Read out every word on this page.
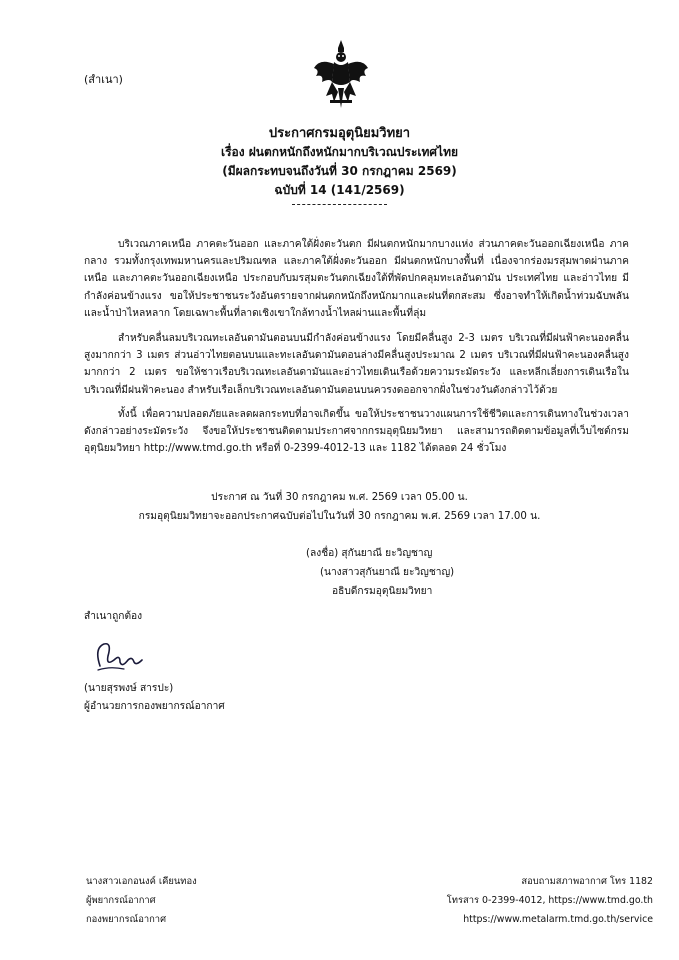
(สำเนา)
ประกาศกรมอุตุนิยมวิทยา
เรื่อง ฝนตกหนักถึงหนักมากบริเวณประเทศไทย
(มีผลกระทบจนถึงวันที่ 30 กรกฎาคม 2569)
ฉบับที่ 14 (141/2569)
บริเวณภาคเหนือ ภาคตะวันออก และภาคใต้ฝั่งตะวันตก มีฝนตกหนักมากบางแห่ง ส่วนภาคตะวันออกเฉียงเหนือ ภาคกลาง รวมทั้งกรุงเทพมหานครและปริมณฑล และภาคใต้ฝั่งตะวันออก มีฝนตกหนักบางพื้นที่ เนื่องจากร่องมรสุมพาดผ่านภาคเหนือ และภาคตะวันออกเฉียงเหนือ ประกอบกับมรสุมตะวันตกเฉียงใต้ที่พัดปกคลุมทะเลอันดามัน ประเทศไทย และอ่าวไทย มีกำลังค่อนข้างแรง ขอให้ประชาชนระวังอันตรายจากฝนตกหนักถึงหนักมากและฝนที่ตกสะสม ซึ่งอาจทำให้เกิดน้ำท่วมฉับพลัน และน้ำป่าไหลหลาก โดยเฉพาะพื้นที่ลาดเชิงเขาใกล้ทางน้ำไหลผ่านและพื้นที่ลุ่ม
สำหรับคลื่นลมบริเวณทะเลอันดามันตอนบนมีกำลังค่อนข้างแรง โดยมีคลื่นสูง 2-3 เมตร บริเวณที่มีฝนฟ้าคะนองคลื่นสูงมากกว่า 3 เมตร ส่วนอ่าวไทยตอนบนและทะเลอันดามันตอนล่างมีคลื่นสูงประมาณ 2 เมตร บริเวณที่มีฝนฟ้าคะนองคลื่นสูงมากกว่า 2 เมตร ขอให้ชาวเรือบริเวณทะเลอันดามันและอ่าวไทยเดินเรือด้วยความระมัดระวัง และหลีกเลี่ยงการเดินเรือในบริเวณที่มีฝนฟ้าคะนอง สำหรับเรือเล็กบริเวณทะเลอันดามันตอนบนควรงดออกจากฝั่งในช่วงวันดังกล่าวไว้ด้วย
ทั้งนี้ เพื่อความปลอดภัยและลดผลกระทบที่อาจเกิดขึ้น ขอให้ประชาชนวางแผนการใช้ชีวิตและการเดินทางในช่วงเวลาดังกล่าวอย่างระมัดระวัง จึงขอให้ประชาชนติดตามประกาศจากกรมอุตุนิยมวิทยา และสามารถติดตามข้อมูลที่เว็บไซต์กรมอุตุนิยมวิทยา http://www.tmd.go.th หรือที่ 0-2399-4012-13 และ 1182 ได้ตลอด 24 ชั่วโมง
ประกาศ ณ วันที่ 30 กรกฎาคม พ.ศ. 2569 เวลา 05.00 น.
กรมอุตุนิยมวิทยาจะออกประกาศฉบับต่อไปในวันที่ 30 กรกฎาคม พ.ศ. 2569 เวลา 17.00 น.
(ลงชื่อ) สุกันยาณี ยะวิญชาญ
(นางสาวสุกันยาณี ยะวิญชาญ)
อธิบดีกรมอุตุนิยมวิทยา
สำเนาถูกต้อง
(นายสุรพงษ์ สารปะ)
ผู้อำนวยการกองพยากรณ์อากาศ
นางสาวเอกอนงค์ เคียนทอง
ผู้พยากรณ์อากาศ
กองพยากรณ์อากาศ
สอบถามสภาพอากาศ โทร 1182
โทรสาร 0-2399-4012, https://www.tmd.go.th
https://www.metalarm.tmd.go.th/service
